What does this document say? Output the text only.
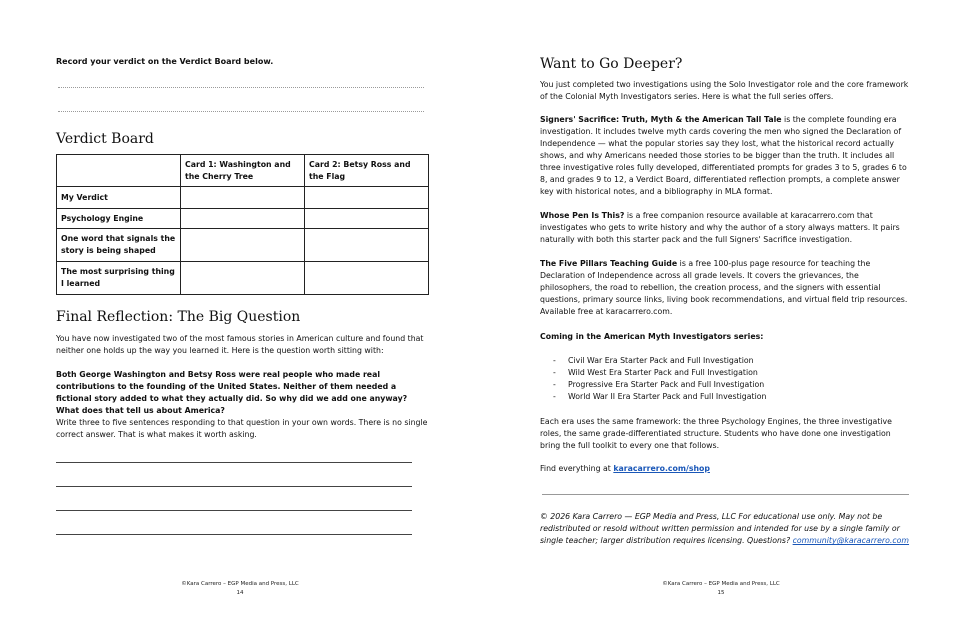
Record your verdict on the Verdict Board below.
Verdict Board
	Card 1: Washington and the Cherry Tree	Card 2: Betsy Ross and the Flag
My Verdict		
Psychology Engine		
One word that signals the story is being shaped		
The most surprising thing I learned		
Final Reflection: The Big Question

You have now investigated two of the most famous stories in American culture and found that neither one holds up the way you learned it. Here is the question worth sitting with:

Both George Washington and Betsy Ross were real people who made real contributions to the founding of the United States. Neither of them needed a fictional story added to what they actually did. So why did we add one anyway? What does that tell us about America?

Write three to five sentences responding to that question in your own words. There is no single correct answer. That is what makes it worth asking.

©Kara Carrero – EGP Media and Press, LLC
14
Want to Go Deeper?

You just completed two investigations using the Solo Investigator role and the core framework of the Colonial Myth Investigators series. Here is what the full series offers.

Signers' Sacrifice: Truth, Myth & the American Tall Tale is the complete founding era investigation. It includes twelve myth cards covering the men who signed the Declaration of Independence — what the popular stories say they lost, what the historical record actually shows, and why Americans needed those stories to be bigger than the truth. It includes all three investigative roles fully developed, differentiated prompts for grades 3 to 5, grades 6 to 8, and grades 9 to 12, a Verdict Board, differentiated reflection prompts, a complete answer key with historical notes, and a bibliography in MLA format.

Whose Pen Is This? is a free companion resource available at karacarrero.com that investigates who gets to write history and why the author of a story always matters. It pairs naturally with both this starter pack and the full Signers' Sacrifice investigation.

The Five Pillars Teaching Guide is a free 100-plus page resource for teaching the Declaration of Independence across all grade levels. It covers the grievances, the philosophers, the road to rebellion, the creation process, and the signers with essential questions, primary source links, living book recommendations, and virtual field trip resources. Available free at karacarrero.com.

Coming in the American Myth Investigators series:

- Civil War Era Starter Pack and Full Investigation
- Wild West Era Starter Pack and Full Investigation
- Progressive Era Starter Pack and Full Investigation
- World War II Era Starter Pack and Full Investigation

Each era uses the same framework: the three Psychology Engines, the three investigative roles, the same grade-differentiated structure. Students who have done one investigation bring the full toolkit to every one that follows.

Find everything at karacarrero.com/shop

© 2026 Kara Carrero — EGP Media and Press, LLC For educational use only. May not be redistributed or resold without written permission and intended for use by a single family or single teacher; larger distribution requires licensing. Questions? community@karacarrero.com

©Kara Carrero – EGP Media and Press, LLC
15
